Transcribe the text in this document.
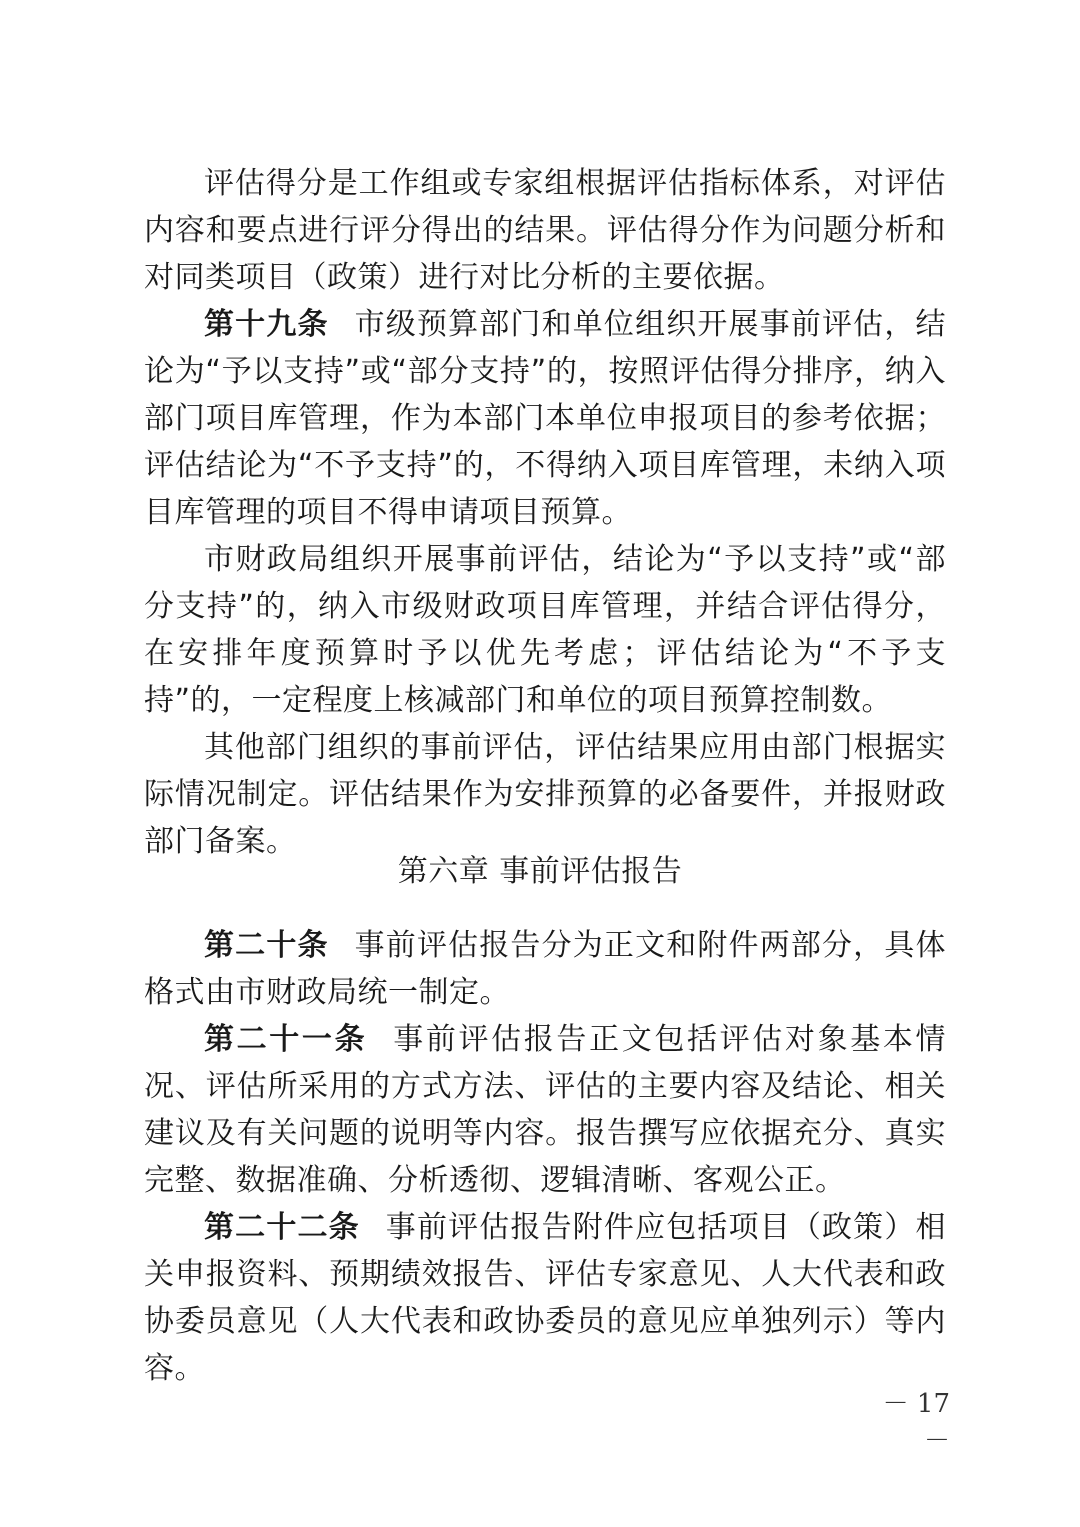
评估得分是工作组或专家组根据评估指标体系，对评估内容和要点进行评分得出的结果。评估得分作为问题分析和对同类项目（政策）进行对比分析的主要依据。

第十九条 市级预算部门和单位组织开展事前评估，结论为“予以支持”或“部分支持”的，按照评估得分排序，纳入部门项目库管理，作为本部门本单位申报项目的参考依据；评估结论为“不予支持”的，不得纳入项目库管理，未纳入项目库管理的项目不得申请项目预算。

市财政局组织开展事前评估，结论为“予以支持”或“部分支持”的，纳入市级财政项目库管理，并结合评估得分，在安排年度预算时予以优先考虑；评估结论为“不予支持”的，一定程度上核减部门和单位的项目预算控制数。

其他部门组织的事前评估，评估结果应用由部门根据实际情况制定。评估结果作为安排预算的必备要件，并报财政部门备案。

第六章 事前评估报告

第二十条 事前评估报告分为正文和附件两部分，具体格式由市财政局统一制定。

第二十一条 事前评估报告正文包括评估对象基本情况、评估所采用的方式方法、评估的主要内容及结论、相关建议及有关问题的说明等内容。报告撰写应依据充分、真实完整、数据准确、分析透彻、逻辑清晰、客观公正。

第二十二条 事前评估报告附件应包括项目（政策）相关申报资料、预期绩效报告、评估专家意见、人大代表和政协委员意见（人大代表和政协委员的意见应单独列示）等内容。

－ 17 －
